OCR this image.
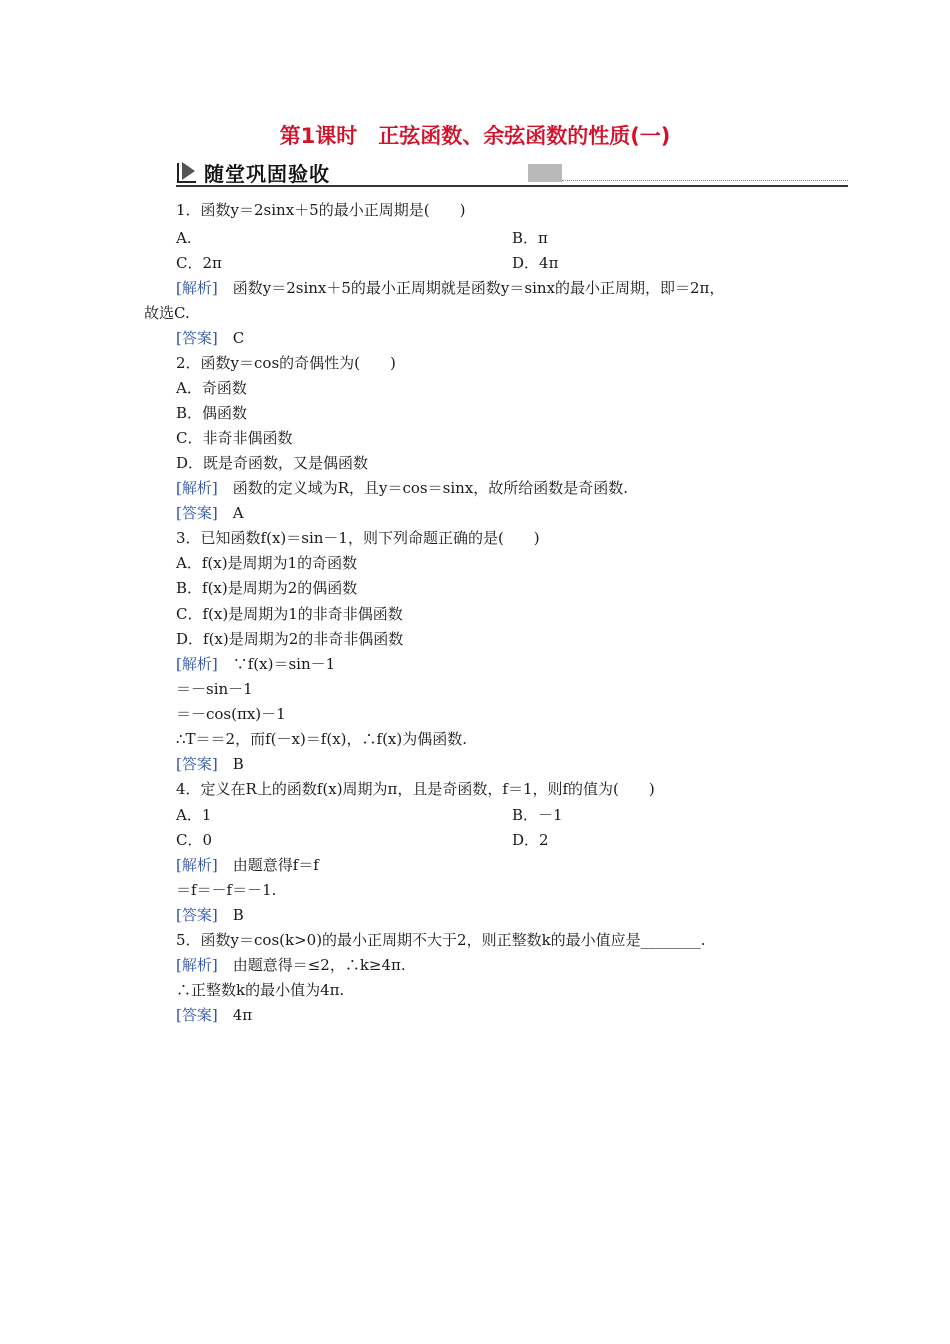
第1课时　正弦函数、余弦函数的性质(一)
随堂巩固验收
1．函数y＝2sinx＋5的最小正周期是(　　)
A.	B．π
C．2π	D．4π
[解析]　 函数y＝2sinx＋5的最小正周期就是函数y＝sinx的最小正周期，即＝2π，
故选C.
[答案]　 C
2．函数y＝cos的奇偶性为(　　)
A．奇函数
B．偶函数
C．非奇非偶函数
D．既是奇函数，又是偶函数
[解析]　 函数的定义域为R，且y＝cos＝sinx，故所给函数是奇函数.
[答案]　 A
3．已知函数f(x)＝sin－1，则下列命题正确的是(　　)
A．f(x)是周期为1的奇函数
B．f(x)是周期为2的偶函数
C．f(x)是周期为1的非奇非偶函数
D．f(x)是周期为2的非奇非偶函数
[解析]　 ∵f(x)＝sin－1
＝－sin－1
＝－cos(πx)－1
∴T＝＝2，而f(－x)＝f(x)，∴f(x)为偶函数.
[答案]　 B
4．定义在R上的函数f(x)周期为π，且是奇函数，f＝1，则f的值为(　　)
A．1	B．－1
C．0	D．2
[解析]　 由题意得f＝f
＝f＝－f＝－1.
[答案]　 B
5．函数y＝cos(k>0)的最小正周期不大于2，则正整数k的最小值应是________.
[解析]　 由题意得＝≤2，∴k≥4π.
∴正整数k的最小值为4π.
[答案]　 4π
